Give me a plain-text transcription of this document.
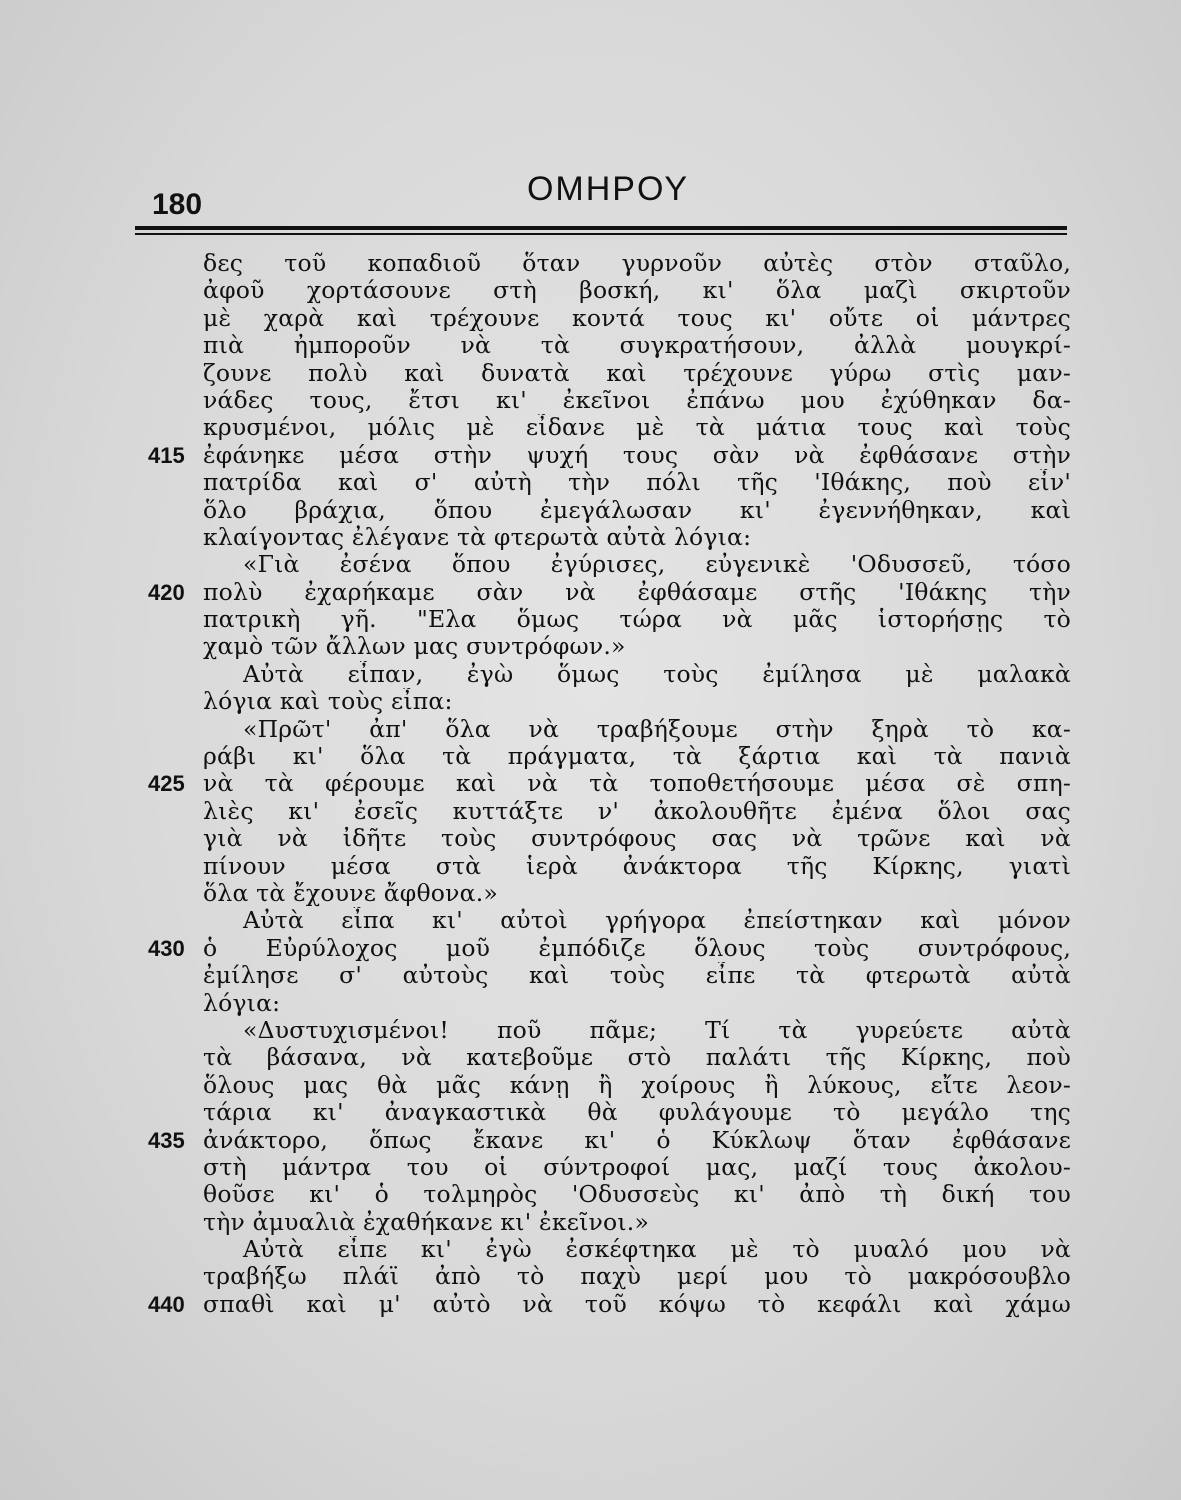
180	ΟΜΗΡΟΥ
δες τοῦ κοπαδιοῦ ὅταν γυρνοῦν αὐτὲς στὸν σταῦλο,
ἀφοῦ χορτάσουνε στὴ βοσκή, κι' ὅλα μαζὶ σκιρτοῦν
μὲ χαρὰ καὶ τρέχουνε κοντά τους κι' οὔτε οἱ μάντρες
πιὰ ἠμποροῦν νὰ τὰ συγκρατήσουν, ἀλλὰ μουγκρί-
ζουνε πολὺ καὶ δυνατὰ καὶ τρέχουνε γύρω στὶς μαν-
νάδες τους, ἔτσι κι' ἐκεῖνοι ἐπάνω μου ἐχύθηκαν δα-
κρυσμένοι, μόλις μὲ εἶδανε μὲ τὰ μάτια τους καὶ τοὺς
415 ἐφάνηκε μέσα στὴν ψυχή τους σὰν νὰ ἐφθάσανε στὴν
πατρίδα καὶ σ' αὐτὴ τὴν πόλι τῆς 'Ιθάκης, ποὺ εἶν'
ὅλο βράχια, ὅπου ἐμεγάλωσαν κι' ἐγεννήθηκαν, καὶ
κλαίγοντας ἐλέγανε τὰ φτερωτὰ αὐτὰ λόγια:
«Γιὰ ἐσένα ὅπου ἐγύρισες, εὐγενικὲ 'Οδυσσεῦ, τόσο
420 πολὺ ἐχαρήκαμε σὰν νὰ ἐφθάσαμε στῆς 'Ιθάκης τὴν
πατρικὴ γῆ. "Ελα ὅμως τώρα νὰ μᾶς ἱστορήσῃς τὸ
χαμὸ τῶν ἄλλων μας συντρόφων.»
Αὐτὰ εἶπαν, ἐγὼ ὅμως τοὺς ἐμίλησα μὲ μαλακὰ
λόγια καὶ τοὺς εἶπα:
«Πρῶτ' ἀπ' ὅλα νὰ τραβήξουμε στὴν ξηρὰ τὸ κα-
ράβι κι' ὅλα τὰ πράγματα, τὰ ξάρτια καὶ τὰ πανιὰ
425 νὰ τὰ φέρουμε καὶ νὰ τὰ τοποθετήσουμε μέσα σὲ σπη-
λιὲς κι' ἐσεῖς κυττάξτε ν' ἀκολουθῆτε ἐμένα ὅλοι σας
γιὰ νὰ ἰδῆτε τοὺς συντρόφους σας νὰ τρῶνε καὶ νὰ
πίνουν μέσα στὰ ἱερὰ ἀνάκτορα τῆς Κίρκης, γιατὶ
ὅλα τὰ ἔχουνε ἄφθονα.»
Αὐτὰ εἶπα κι' αὐτοὶ γρήγορα ἐπείστηκαν καὶ μόνον
430 ὁ Εὐρύλοχος μοῦ ἐμπόδιζε ὅλους τοὺς συντρόφους,
ἐμίλησε σ' αὐτοὺς καὶ τοὺς εἶπε τὰ φτερωτὰ αὐτὰ
λόγια:
«Δυστυχισμένοι! ποῦ πᾶμε; Τί τὰ γυρεύετε αὐτὰ
τὰ βάσανα, νὰ κατεβοῦμε στὸ παλάτι τῆς Κίρκης, ποὺ
ὅλους μας θὰ μᾶς κάνῃ ἢ χοίρους ἢ λύκους, εἴτε λεον-
τάρια κι' ἀναγκαστικὰ θὰ φυλάγουμε τὸ μεγάλο της
435 ἀνάκτορο, ὅπως ἔκανε κι' ὁ Κύκλωψ ὅταν ἐφθάσανε
στὴ μάντρα του οἱ σύντροφοί μας, μαζί τους ἀκολου-
θοῦσε κι' ὁ τολμηρὸς 'Οδυσσεὺς κι' ἀπὸ τὴ δική του
τὴν ἀμυαλιὰ ἐχαθήκανε κι' ἐκεῖνοι.»
Αὐτὰ εἶπε κι' ἐγὼ ἐσκέφτηκα μὲ τὸ μυαλό μου νὰ
τραβήξω πλάϊ ἀπὸ τὸ παχὺ μερί μου τὸ μακρόσουβλο
440 σπαθὶ καὶ μ' αὐτὸ νὰ τοῦ κόψω τὸ κεφάλι καὶ χάμω
